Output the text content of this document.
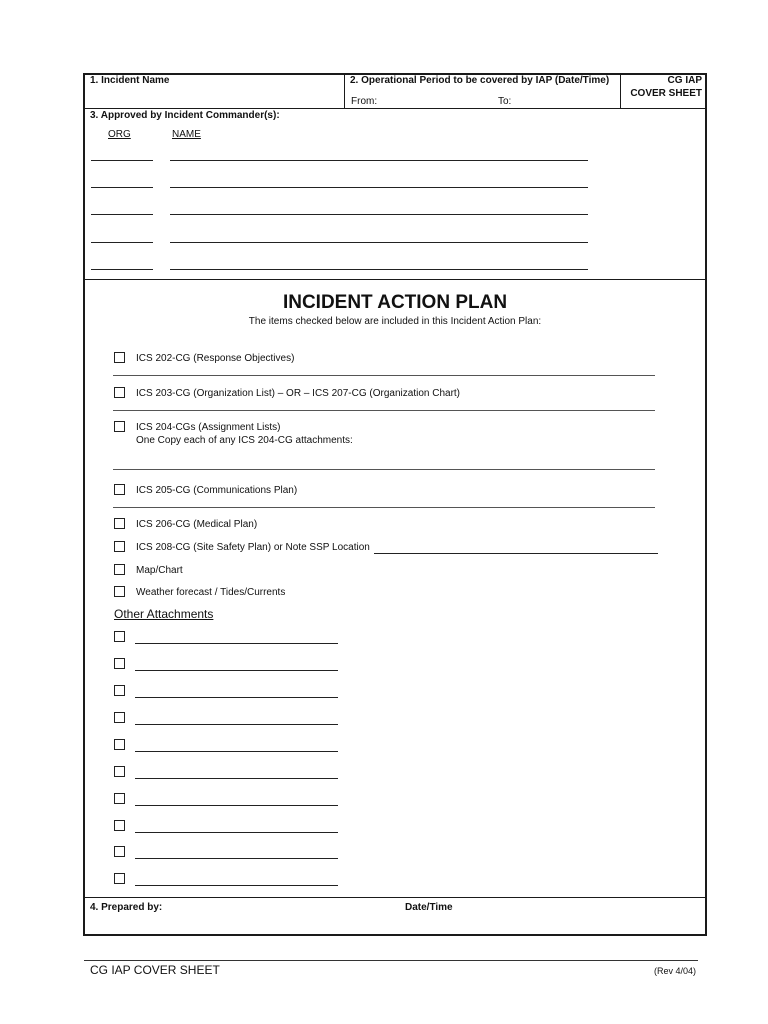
1. Incident Name	2. Operational Period to be covered by IAP (Date/Time)
From:	To:
CG IAP
COVER SHEET
3. Approved by Incident Commander(s):
ORG	NAME
INCIDENT ACTION PLAN
The items checked below are included in this Incident Action Plan:
ICS 202-CG (Response Objectives)
ICS 203-CG (Organization List) – OR – ICS 207-CG (Organization Chart)
ICS 204-CGs (Assignment Lists)
One Copy each of any ICS 204-CG attachments:
ICS 205-CG (Communications Plan)
ICS 206-CG (Medical Plan)
ICS 208-CG (Site Safety Plan) or Note SSP Location
Map/Chart
Weather forecast / Tides/Currents
Other Attachments
4. Prepared by:	Date/Time
CG IAP COVER SHEET	(Rev 4/04)
